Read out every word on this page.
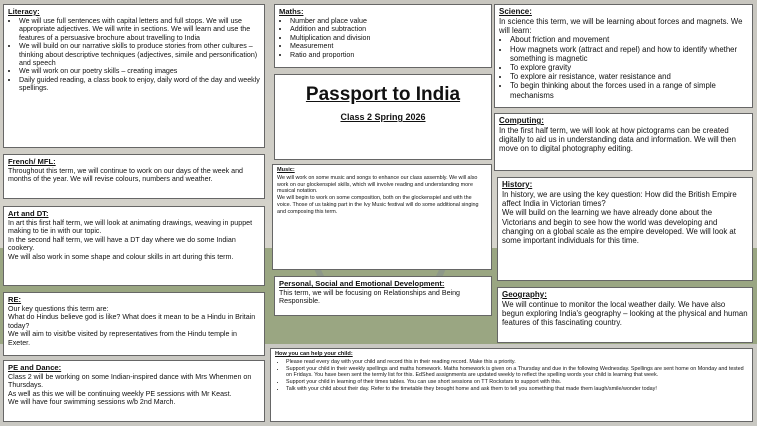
Literacy:
• We will use full sentences with capital letters and full stops. We will use appropriate adjectives. We will write in sections. We will learn and use the features of a persuasive brochure about travelling to India
• We will build on our narrative skills to produce stories from other cultures – thinking about descriptive techniques (adjectives, simile and personification) and speech
• We will work on our poetry skills – creating images
• Daily guided reading, a class book to enjoy, daily word of the day and weekly spellings.
Maths:
• Number and place value
• Addition and subtraction
• Multiplication and division
• Measurement
• Ratio and proportion
Passport to India
Class 2 Spring 2026
Science:

In science this term, we will be learning about forces and magnets. We will learn:

• About friction and movement
• How magnets work (attract and repel) and how to identify whether something is magnetic
• To explore gravity
• To explore air resistance, water resistance and
• To begin thinking about the forces used in a range of simple mechanisms
Computing:

In the first half term, we will look at how pictograms can be created digitally to aid us in understanding data and information. We will then move on to digital photography editing.

French/ MFL:

Throughout this term, we will continue to work on our days of the week and months of the year. We will revise colours, numbers and weather.

Music:

We will work on some music and songs to enhance our class assembly. We will also work on our glockenspiel skills, which will involve reading and understanding more musical notation.

We will begin to work on some composition, both on the glockenspiel and with the voice. Those of us taking part in the Ivy Music festival will do some additional singing and composing this term.

History:

In history, we are using the key question: How did the British Empire affect India in Victorian times?

We will build on the learning we have already done about the Victorians and begin to see how the world was developing and changing on a global scale as the empire developed. We will look at some important individuals for this time.

Art and DT:

In art this first half term, we will look at animating drawings, weaving in puppet making to tie in with our topic.

In the second half term, we will have a DT day where we do some Indian cookery.

We will also work in some shape and colour skills in art during this term.

Personal, Social and Emotional Development:

This term, we will be focusing on Relationships and Being Responsible.

Geography:

We will continue to monitor the local weather daily. We have also begun exploring India's geography – looking at the physical and human features of this fascinating country.

RE:

Our key questions this term are:

What do Hindus believe god is like? What does it mean to be a Hindu in Britain today?

We will aim to visit/be visited by representatives from the Hindu temple in Exeter.

PE and Dance:

Class 2 will be working on some Indian-inspired dance with Mrs Whenmen on Thursdays.

As well as this we will be continuing weekly PE sessions with Mr Keast.

We will have four swimming sessions w/b 2nd March.

How you can help your child:
• Please read every day with your child and record this in their reading record. Make this a priority.
• Support your child in their weekly spellings and maths homework. Maths homework is given on a Thursday and due in the following Wednesday. Spellings are sent home on Monday and tested on Fridays. You have been sent the termly list for this. EdShed assignments are updated weekly to reflect the spelling words your child is learning that week.
• Support your child in learning of their times tables. You can use short sessions on TT Rockstars to support with this.
• Talk with your child about their day. Refer to the timetable they brought home and ask them to tell you something that made them laugh/smile/wonder today!
